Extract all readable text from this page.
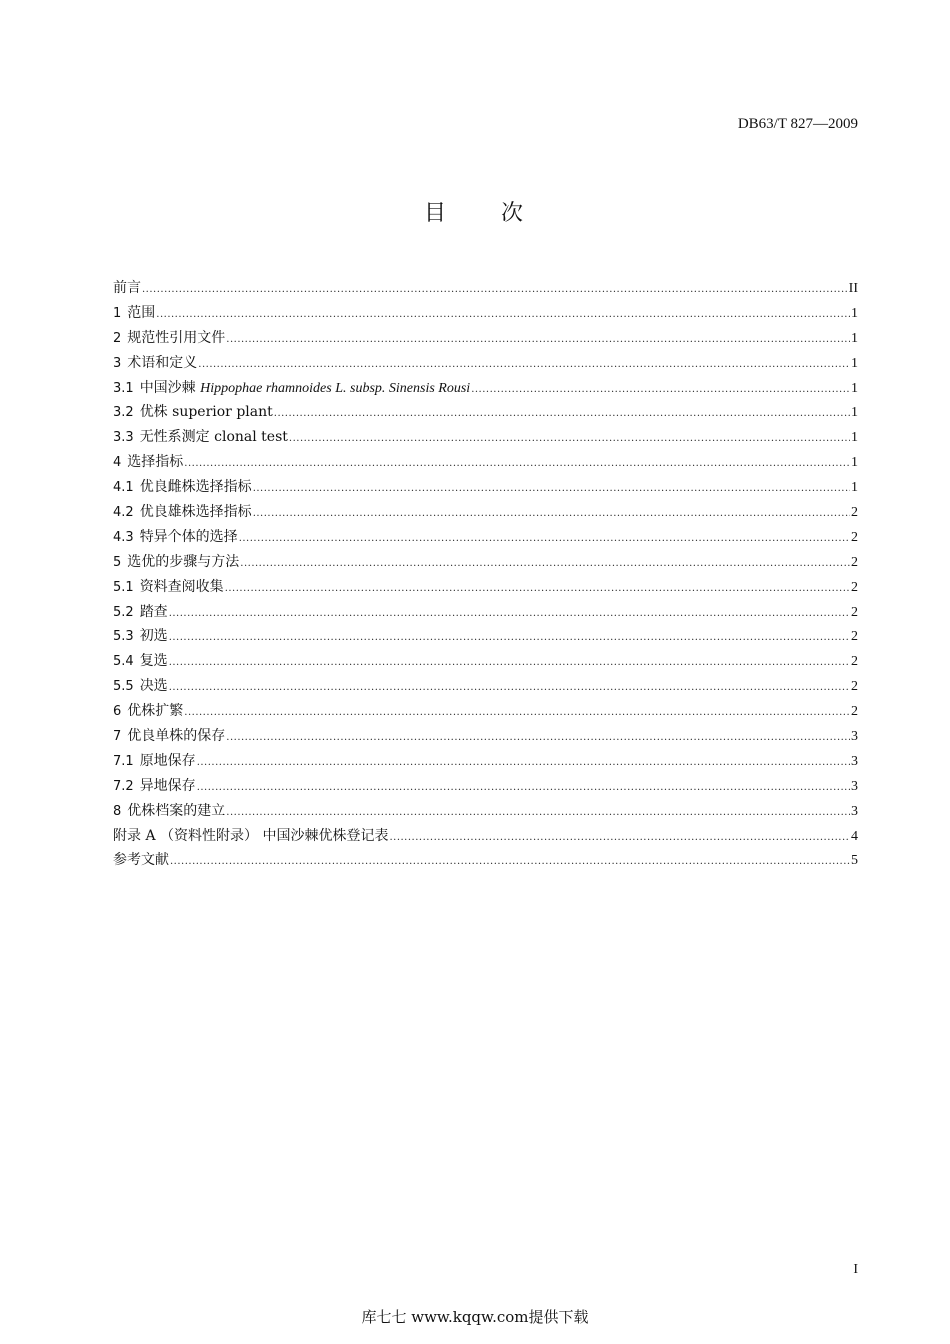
DB63/T 827—2009
目 次
前言 .....	II
1 范围 .....	1
2 规范性引用文件 .....	1
3 术语和定义 .....	1
3.1 中国沙棘 Hippophae rhamnoides L. subsp. Sinensis Rousi .....	1
3.2 优株 superior plant .....	1
3.3 无性系测定 clonal test .....	1
4 选择指标 .....	1
4.1 优良雌株选择指标 .....	1
4.2 优良雄株选择指标 .....	2
4.3 特异个体的选择 .....	2
5 选优的步骤与方法 .....	2
5.1 资料查阅收集 .....	2
5.2 踏查 .....	2
5.3 初选 .....	2
5.4 复选 .....	2
5.5 决选 .....	2
6 优株扩繁 .....	2
7 优良单株的保存 .....	3
7.1 原地保存 .....	3
7.2 异地保存 .....	3
8 优株档案的建立 .....	3
附录 A （资料性附录） 中国沙棘优株登记表 .....	4
参考文献 .....	5
I
库七七 www.kqqw.com提供下载
